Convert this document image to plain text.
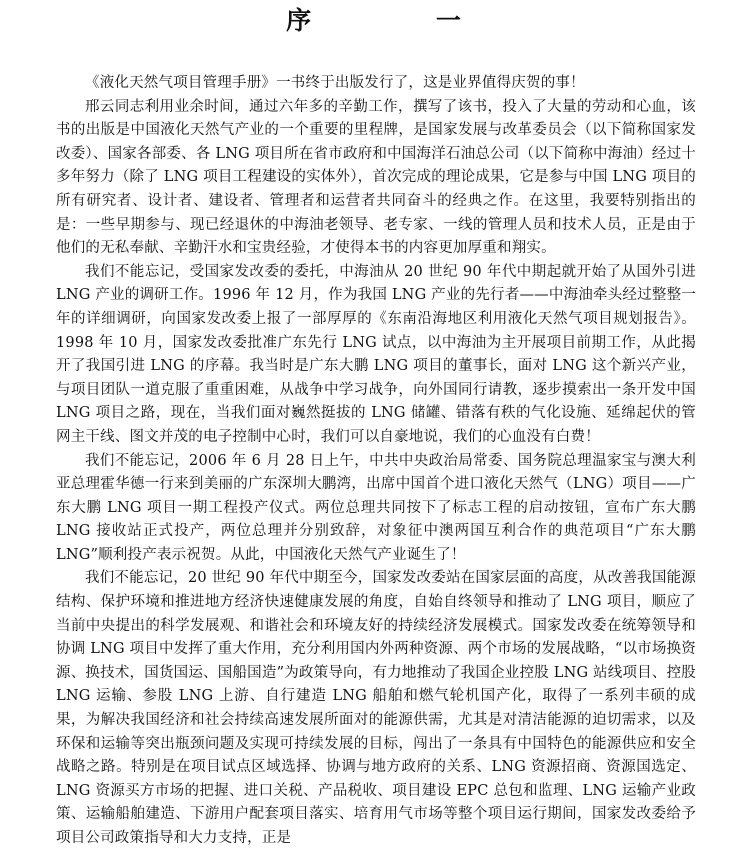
序 一

《液化天然气项目管理手册》一书终于出版发行了，这是业界值得庆贺的事！

邢云同志利用业余时间，通过六年多的辛勤工作，撰写了该书，投入了大量的劳动和心血，该书的出版是中国液化天然气产业的一个重要的里程牌，是国家发展与改革委员会（以下简称国家发改委）、国家各部委、各 LNG 项目所在省市政府和中国海洋石油总公司（以下简称中海油）经过十多年努力（除了 LNG 项目工程建设的实体外），首次完成的理论成果，它是参与中国 LNG 项目的所有研究者、设计者、建设者、管理者和运营者共同奋斗的经典之作。在这里，我要特别指出的是：一些早期参与、现已经退休的中海油老领导、老专家、一线的管理人员和技术人员，正是由于他们的无私奉献、辛勤汗水和宝贵经验，才使得本书的内容更加厚重和翔实。

我们不能忘记，受国家发改委的委托，中海油从 20 世纪 90 年代中期起就开始了从国外引进 LNG 产业的调研工作。1996 年 12 月，作为我国 LNG 产业的先行者——中海油牵头经过整整一年的详细调研，向国家发改委上报了一部厚厚的《东南沿海地区利用液化天然气项目规划报告》。1998 年 10 月，国家发改委批准广东先行 LNG 试点，以中海油为主开展项目前期工作，从此揭开了我国引进 LNG 的序幕。我当时是广东大鹏 LNG 项目的董事长，面对 LNG 这个新兴产业，与项目团队一道克服了重重困难，从战争中学习战争，向外国同行请教，逐步摸索出一条开发中国 LNG 项目之路，现在，当我们面对巍然挺拔的 LNG 储罐、错落有秩的气化设施、延绵起伏的管网主干线、图文并茂的电子控制中心时，我们可以自豪地说，我们的心血没有白费！

我们不能忘记，2006 年 6 月 28 日上午，中共中央政治局常委、国务院总理温家宝与澳大利亚总理霍华德一行来到美丽的广东深圳大鹏湾，出席中国首个进口液化天然气（LNG）项目——广东大鹏 LNG 项目一期工程投产仪式。两位总理共同按下了标志工程的启动按钮，宣布广东大鹏 LNG 接收站正式投产，两位总理并分别致辞，对象征中澳两国互利合作的典范项目“广东大鹏 LNG”顺利投产表示祝贺。从此，中国液化天然气产业诞生了！

我们不能忘记，20 世纪 90 年代中期至今，国家发改委站在国家层面的高度，从改善我国能源结构、保护环境和推进地方经济快速健康发展的角度，自始自终领导和推动了 LNG 项目，顺应了当前中央提出的科学发展观、和谐社会和环境友好的持续经济发展模式。国家发改委在统筹领导和协调 LNG 项目中发挥了重大作用，充分利用国内外两种资源、两个市场的发展战略，“以市场换资源、换技术，国货国运、国船国造”为政策导向，有力地推动了我国企业控股 LNG 站线项目、控股 LNG 运输、参股 LNG 上游、自行建造 LNG 船舶和燃气轮机国产化，取得了一系列丰硕的成果，为解决我国经济和社会持续高速发展所面对的能源供需，尤其是对清洁能源的迫切需求，以及环保和运输等突出瓶颈问题及实现可持续发展的目标，闯出了一条具有中国特色的能源供应和安全战略之路。特别是在项目试点区域选择、协调与地方政府的关系、LNG 资源招商、资源国选定、LNG 资源买方市场的把握、进口关税、产品税收、项目建设 EPC 总包和监理、LNG 运输产业政策、运输船舶建造、下游用户配套项目落实、培育用气市场等整个项目运行期间，国家发改委给予项目公司政策指导和大力支持，正是
